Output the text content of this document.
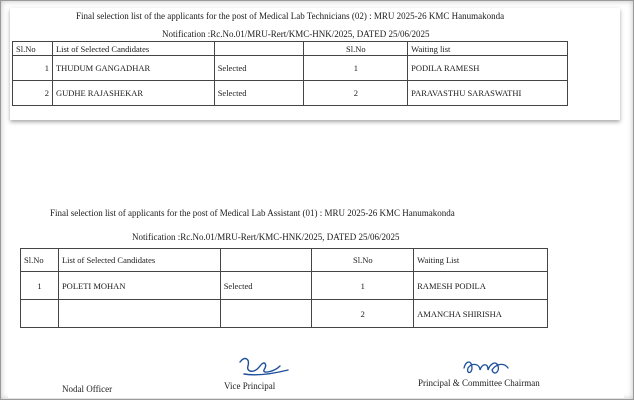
Final selection list of the applicants for the post of Medical Lab Technicians (02) : MRU 2025-26 KMC Hanumakonda
Notification :Rc.No.01/MRU-Rert/KMC-HNK/2025, DATED 25/06/2025
Sl.No	List of Selected Candidates		Sl.No	Waiting list
1	THUDUM GANGADHAR	Selected	1	PODILA RAMESH
2	GUDHE RAJASHEKAR	Selected	2	PARAVASTHU SARASWATHI
Final selection list of applicants for the post of Medical Lab Assistant (01) : MRU 2025-26 KMC Hanumakonda
Notification :Rc.No.01/MRU-Rert/KMC-HNK/2025, DATED 25/06/2025
Sl.No	List of Selected Candidates		Sl.No	Waiting List
1	POLETI MOHAN	Selected	1	RAMESH PODILA
			2	AMANCHA SHIRISHA
Nodal Officer	Vice Principal	Principal & Committee Chairman
